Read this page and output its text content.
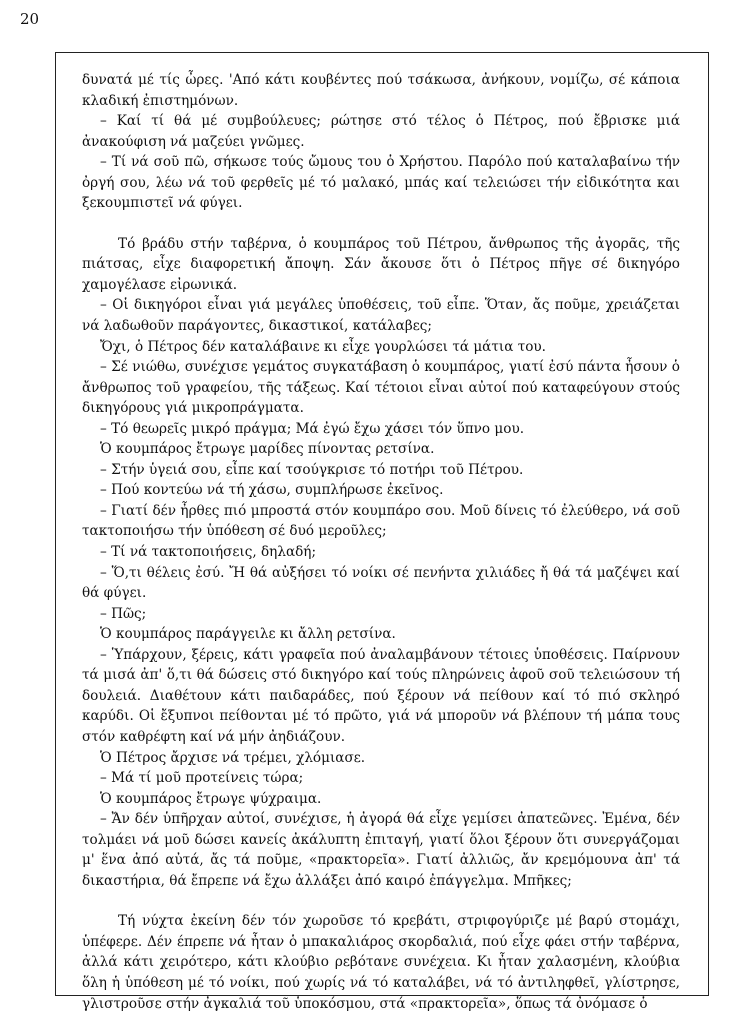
20

δυνατά μέ τίς ὦρες. 'Από κάτι κουβέντες πού τσάκωσα, ἀνήκουν, νομίζω, σέ κάποια κλαδική ἐπιστημόνων.

– Καί τί θά μέ συμβούλευες; ρώτησε στό τέλος ὁ Πέτρος, πού ἔβρισκε μιά ἀνακούφιση νά μαζεύει γνῶμες.

– Τί νά σοῦ πῶ, σήκωσε τούς ὤμους του ὁ Χρήστου. Παρόλο πού καταλαβαίνω τήν ὀργή σου, λέω νά τοῦ φερθεῖς μέ τό μαλακό, μπάς καί τελειώσει τήν εἰδικότητα και ξεκουμπιστεῖ νά φύγει.

Τό βράδυ στήν ταβέρνα, ὁ κουμπάρος τοῦ Πέτρου, ἄνθρωπος τῆς ἀγορᾶς, τῆς πιάτσας, εἶχε διαφορετική ἄποψη. Σάν ἄκουσε ὅτι ὁ Πέτρος πῆγε σέ δικηγόρο χαμογέλασε εἰρωνικά.

– Οἱ δικηγόροι εἶναι γιά μεγάλες ὑποθέσεις, τοῦ εἶπε. Ὅταν, ἄς ποῦμε, χρειάζεται νά λαδωθοῦν παράγοντες, δικαστικοί, κατάλαβες;

Ὄχι, ὁ Πέτρος δέν καταλάβαινε κι εἶχε γουρλώσει τά μάτια του.

– Σέ νιώθω, συνέχισε γεμάτος συγκατάβαση ὁ κουμπάρος, γιατί ἐσύ πάντα ἦσουν ὁ ἄνθρωπος τοῦ γραφείου, τῆς τάξεως. Καί τέτοιοι εἶναι αὐτοί πού καταφεύγουν στούς δικηγόρους γιά μικροπράγματα.

– Τό θεωρεῖς μικρό πράγμα; Μά ἐγώ ἔχω χάσει τόν ὕπνο μου.

Ὁ κουμπάρος ἔτρωγε μαρίδες πίνοντας ρετσίνα.

– Στήν ὑγειά σου, εἶπε καί τσούγκρισε τό ποτήρι τοῦ Πέτρου.

– Πού κοντεύω νά τή χάσω, συμπλήρωσε ἐκεῖνος.

– Γιατί δέν ἦρθες πιό μπροστά στόν κουμπάρο σου. Μοῦ δίνεις τό ἐλεύθερο, νά σοῦ τακτοποιήσω τήν ὑπόθεση σέ δυό μεροῦλες;

– Τί νά τακτοποιήσεις, δηλαδή;

– Ὅ,τι θέλεις ἐσύ. Ἤ θά αὐξήσει τό νοίκι σέ πενήντα χιλιάδες ἤ θά τά μαζέψει καί θά φύγει.

– Πῶς;

Ὁ κουμπάρος παράγγειλε κι ἄλλη ρετσίνα.

– Ὑπάρχουν, ξέρεις, κάτι γραφεῖα πού ἀναλαμβάνουν τέτοιες ὑποθέσεις. Παίρνουν τά μισά ἀπ' ὅ,τι θά δώσεις στό δικηγόρο καί τούς πληρώνεις ἀφοῦ σοῦ τελειώσουν τή δουλειά. Διαθέτουν κάτι παιδαράδες, πού ξέρουν νά πείθουν καί τό πιό σκληρό καρύδι. Οἱ ἔξυπνοι πείθονται μέ τό πρῶτο, γιά νά μποροῦν νά βλέπουν τή μάπα τους στόν καθρέφτη καί νά μήν ἀηδιάζουν.

Ὁ Πέτρος ἄρχισε νά τρέμει, χλόμιασε.

– Μά τί μοῦ προτείνεις τώρα;

Ὁ κουμπάρος ἔτρωγε ψύχραιμα.

– Ἄν δέν ὑπῆρχαν αὐτοί, συνέχισε, ἡ ἀγορά θά εἶχε γεμίσει ἀπατεῶνες. Ἐμένα, δέν τολμάει νά μοῦ δώσει κανείς ἀκάλυπτη ἐπιταγή, γιατί ὅλοι ξέρουν ὅτι συνεργάζομαι μ' ἕνα ἀπό αὐτά, ἄς τά ποῦμε, «πρακτορεῖα». Γιατί ἀλλιῶς, ἄν κρεμόμουνα ἀπ' τά δικαστήρια, θά ἔπρεπε νά ἔχω ἀλλάξει ἀπό καιρό ἐπάγγελμα. Μπῆκες;

Τή νύχτα ἐκείνη δέν τόν χωροῦσε τό κρεβάτι, στριφογύριζε μέ βαρύ στομάχι, ὑπέφερε. Δέν έπρεπε νά ἦταν ὁ μπακαλιάρος σκορδαλιά, πού εἶχε φάει στήν ταβέρνα, ἀλλά κάτι χειρότερο, κάτι κλούβιο ρεβότανε συνέχεια. Κι ἦταν χαλασμένη, κλούβια ὅλη ἡ ὑπόθεση μέ τό νοίκι, πού χωρίς νά τό καταλάβει, νά τό ἀντιληφθεῖ, γλίστρησε, γλιστροῦσε στήν ἀγκαλιά τοῦ ὑποκόσμου, στά «πρακτορεῖα», ὅπως τά ὀνόμασε ὁ
